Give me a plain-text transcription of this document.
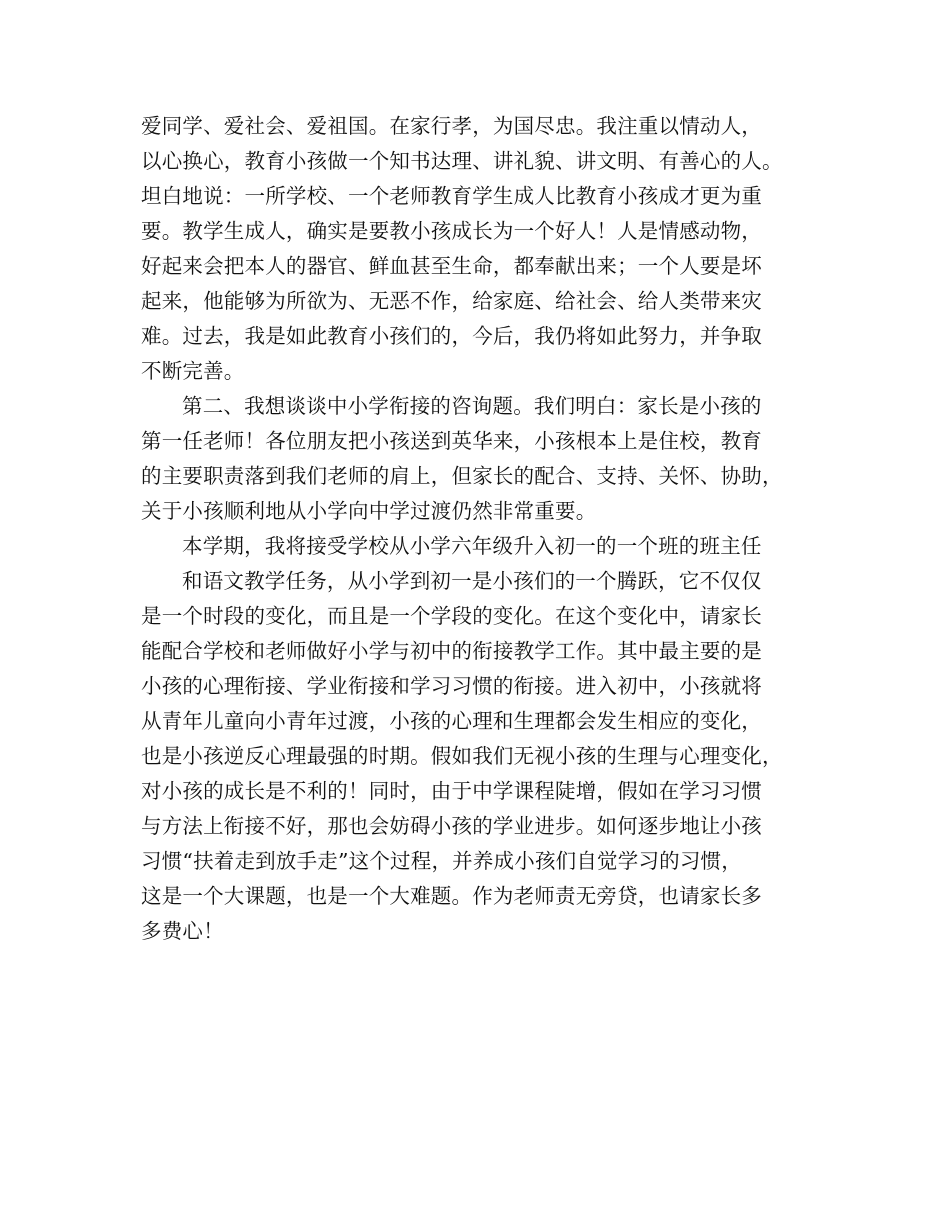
爱同学、爱社会、爱祖国。在家行孝，为国尽忠。我注重以情动人，
以心换心，教育小孩做一个知书达理、讲礼貌、讲文明、有善心的人。
坦白地说：一所学校、一个老师教育学生成人比教育小孩成才更为重
要。教学生成人，确实是要教小孩成长为一个好人！人是情感动物，
好起来会把本人的器官、鲜血甚至生命，都奉献出来；一个人要是坏
起来，他能够为所欲为、无恶不作，给家庭、给社会、给人类带来灾
难。过去，我是如此教育小孩们的，今后，我仍将如此努力，并争取
不断完善。
第二、我想谈谈中小学衔接的咨询题。我们明白：家长是小孩的
第一任老师！各位朋友把小孩送到英华来，小孩根本上是住校，教育
的主要职责落到我们老师的肩上，但家长的配合、支持、关怀、协助，
关于小孩顺利地从小学向中学过渡仍然非常重要。
本学期，我将接受学校从小学六年级升入初一的一个班的班主任
和语文教学任务，从小学到初一是小孩们的一个腾跃，它不仅仅
是一个时段的变化，而且是一个学段的变化。在这个变化中，请家长
能配合学校和老师做好小学与初中的衔接教学工作。其中最主要的是
小孩的心理衔接、学业衔接和学习习惯的衔接。进入初中，小孩就将
从青年儿童向小青年过渡，小孩的心理和生理都会发生相应的变化，
也是小孩逆反心理最强的时期。假如我们无视小孩的生理与心理变化，
对小孩的成长是不利的！同时，由于中学课程陡增，假如在学习习惯
与方法上衔接不好，那也会妨碍小孩的学业进步。如何逐步地让小孩
习惯“扶着走到放手走”这个过程，并养成小孩们自觉学习的习惯，
这是一个大课题，也是一个大难题。作为老师责无旁贷，也请家长多
多费心！
